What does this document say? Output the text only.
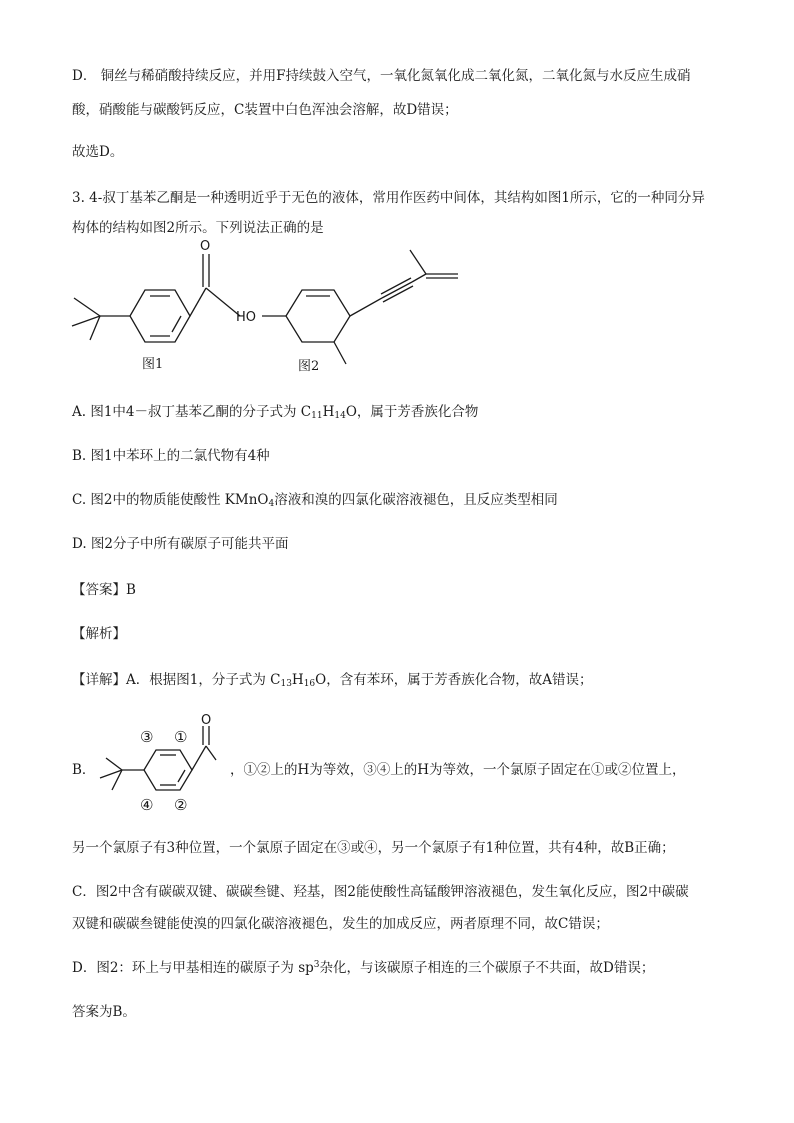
D． 铜丝与稀硝酸持续反应，并用F持续鼓入空气，一氧化氮氧化成二氧化氮，二氧化氮与水反应生成硝
酸，硝酸能与碳酸钙反应，C装置中白色浑浊会溶解，故D错误；
故选D。
3. 4-叔丁基苯乙酮是一种透明近乎于无色的液体，常用作医药中间体，其结构如图1所示，它的一种同分异
构体的结构如图2所示。下列说法正确的是
O
图1
HO
图2
A. 图1中4－叔丁基苯乙酮的分子式为 $C_{11}H_{14}O$，属于芳香族化合物
B. 图1中苯环上的二氯代物有4种
C. 图2中的物质能使酸性 KMnO$_4$溶液和溴的四氯化碳溶液褪色，且反应类型相同
D. 图2分子中所有碳原子可能共平面
【答案】B
【解析】
【详解】A．根据图1，分子式为 $C_{13}H_{16}O$，含有苯环，属于芳香族化合物，故A错误；
B．
O
③ ①
④ ②
，①②上的H为等效，③④上的H为等效，一个氯原子固定在①或②位置上，
另一个氯原子有3种位置，一个氯原子固定在③或④，另一个氯原子有1种位置，共有4种，故B正确；
C．图2中含有碳碳双键、碳碳叁键、羟基，图2能使酸性高锰酸钾溶液褪色，发生氧化反应，图2中碳碳
双键和碳碳叁键能使溴的四氯化碳溶液褪色，发生的加成反应，两者原理不同，故C错误；
D．图2：环上与甲基相连的碳原子为 $sp^3$杂化，与该碳原子相连的三个碳原子不共面，故D错误；
答案为B。
